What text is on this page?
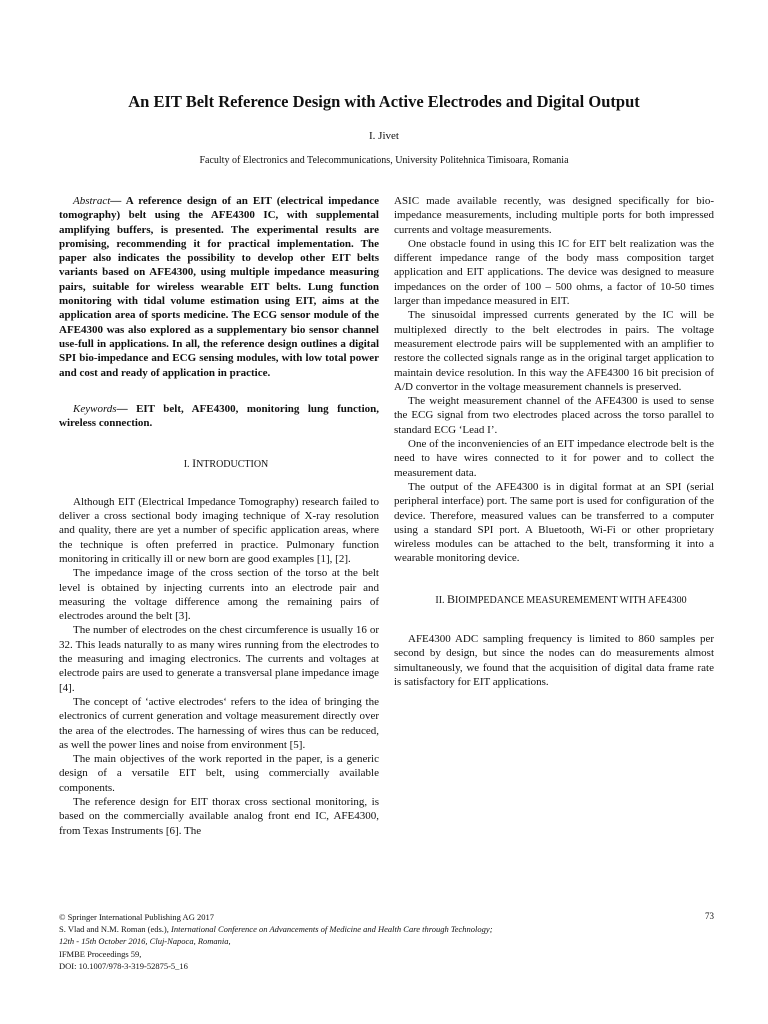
An EIT Belt Reference Design with Active Electrodes and Digital Output

I. Jivet

Faculty of Electronics and Telecommunications, University Politehnica Timisoara, Romania

Abstract— A reference design of an EIT (electrical impedance tomography) belt using the AFE4300 IC, with supplemental amplifying buffers, is presented. The experimental results are promising, recommending it for practical implementation. The paper also indicates the possibility to develop other EIT belts variants based on AFE4300, using multiple impedance measuring pairs, suitable for wireless wearable EIT belts. Lung function monitoring with tidal volume estimation using EIT, aims at the application area of sports medicine. The ECG sensor module of the AFE4300 was also explored as a supplementary bio sensor channel use-full in applications. In all, the reference design outlines a digital SPI bio-impedance and ECG sensing modules, with low total power and cost and ready of application in practice.

Keywords— EIT belt, AFE4300, monitoring lung function, wireless connection.

I. INTRODUCTION

Although EIT (Electrical Impedance Tomography) research failed to deliver a cross sectional body imaging technique of X-ray resolution and quality, there are yet a number of specific application areas, where the technique is often preferred in practice. Pulmonary function monitoring in critically ill or new born are good examples [1], [2].

The impedance image of the cross section of the torso at the belt level is obtained by injecting currents into an electrode pair and measuring the voltage difference among the remaining pairs of electrodes around the belt [3].

The number of electrodes on the chest circumference is usually 16 or 32. This leads naturally to as many wires running from the electrodes to the measuring and imaging electronics. The currents and voltages at electrode pairs are used to generate a transversal plane impedance image [4].

The concept of ‘active electrodes‘ refers to the idea of bringing the electronics of current generation and voltage measurement directly over the area of the electrodes. The harnessing of wires thus can be reduced, as well the power lines and noise from environment [5].

The main objectives of the work reported in the paper, is a generic design of a versatile EIT belt, using commercially available components.

The reference design for EIT thorax cross sectional monitoring, is based on the commercially available analog front end IC, AFE4300, from Texas Instruments [6]. The

ASIC made available recently, was designed specifically for bio-impedance measurements, including multiple ports for both impressed currents and voltage measurements.

One obstacle found in using this IC for EIT belt realization was the different impedance range of the body mass composition target application and EIT applications. The device was designed to measure impedances on the order of 100 – 500 ohms, a factor of 10-50 times larger than impedance measured in EIT.

The sinusoidal impressed currents generated by the IC will be multiplexed directly to the belt electrodes in pairs. The voltage measurement electrode pairs will be supplemented with an amplifier to restore the collected signals range as in the original target application to maintain device resolution. In this way the AFE4300 16 bit precision of A/D convertor in the voltage measurement channels is preserved.

The weight measurement channel of the AFE4300 is used to sense the ECG signal from two electrodes placed across the torso parallel to standard ECG ‘Lead I’.

One of the inconveniencies of an EIT impedance electrode belt is the need to have wires connected to it for power and to collect the measurement data.

The output of the AFE4300 is in digital format at an SPI (serial peripheral interface) port. The same port is used for configuration of the device. Therefore, measured values can be transferred to a computer using a standard SPI port. A Bluetooth, Wi-Fi or other proprietary wireless modules can be attached to the belt, transforming it into a wearable monitoring device.

II. BIOIMPEDANCE MEASUREMEMENT WITH AFE4300

AFE4300 ADC sampling frequency is limited to 860 samples per second by design, but since the nodes can do measurements almost simultaneously, we found that the acquisition of digital data frame rate is satisfactory for EIT applications.

© Springer International Publishing AG 2017
S. Vlad and N.M. Roman (eds.), International Conference on Advancements of Medicine and Health Care through Technology;
12th - 15th October 2016, Cluj-Napoca, Romania,
IFMBE Proceedings 59,
DOI: 10.1007/978-3-319-52875-5_16
73
